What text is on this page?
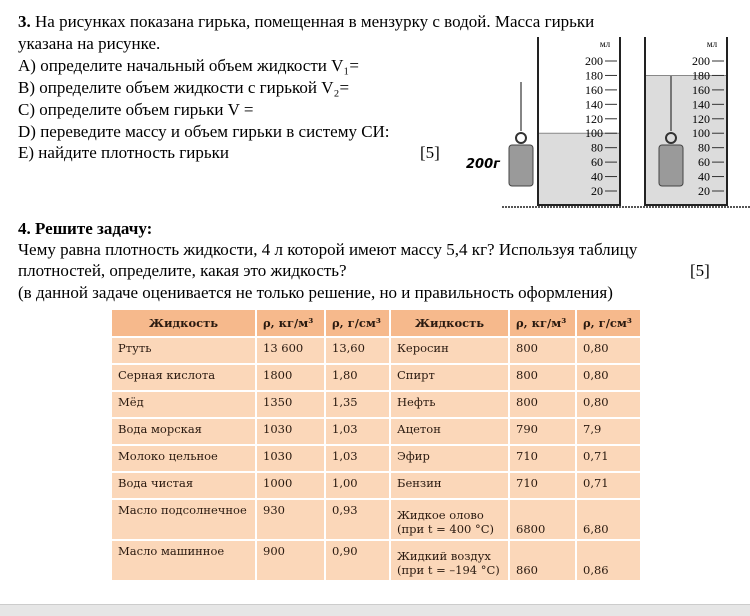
3. На рисунках показана гирька, помещенная в мензурку с водой. Масса гирьки
указана на рисунке.
А) определите начальный объем жидкости V₁=
В) определите объем жидкости с гирькой V₂=
С) определите объем гирьки V =
D) переведите массу и объем гирьки в систему СИ:
Е) найдите плотность гирьки	[5]
мл
200
180
160
140
120
100
80
60
40
20
мл
200
180
160
140
120
100
80
60
40
20
200г
4. Решите задачу:
Чему равна плотность жидкости, 4 л которой имеют массу 5,4 кг? Используя таблицу
плотностей, определите, какая это жидкость?	[5]
(в данной задаче оценивается не только решение, но и правильность оформления)
Жидкость	ρ, кг/м³	ρ, г/см³	Жидкость	ρ, кг/м³	ρ, г/см³
Ртуть	13 600	13,60	Керосин	800	0,80
Серная кислота	1800	1,80	Спирт	800	0,80
Мёд	1350	1,35	Нефть	800	0,80
Вода морская	1030	1,03	Ацетон	790	7,9
Молоко цельное	1030	1,03	Эфир	710	0,71
Вода чистая	1000	1,00	Бензин	710	0,71
Масло подсолнечное	930	0,93	Жидкое олово (при t = 400 °C)	6800	6,80
Масло машинное	900	0,90	Жидкий воздух (при t = –194 °C)	860	0,86
